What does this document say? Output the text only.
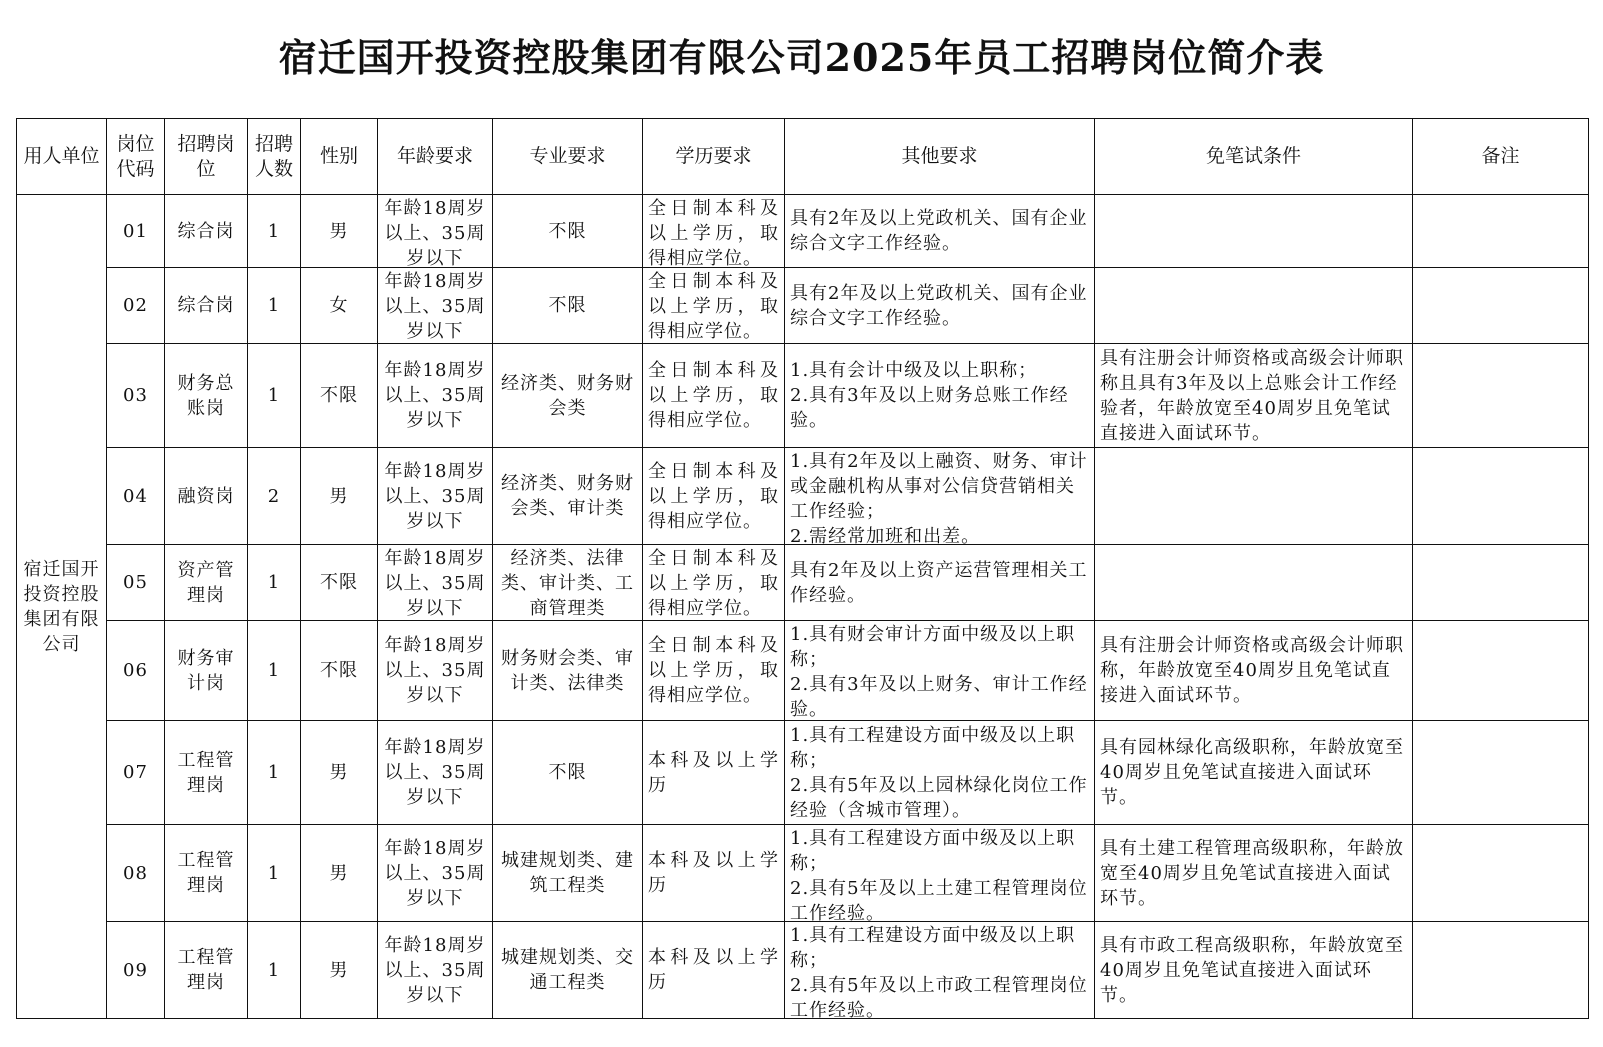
宿迁国开投资控股集团有限公司2025年员工招聘岗位简介表
用人单位	岗位代码	招聘岗位	招聘人数	性别	年龄要求	专业要求	学历要求	其他要求	免笔试条件	备注
宿迁国开投资控股集团有限公司	01	综合岗	1	男	年龄18周岁以上、35周岁以下	不限	全日制本科及以上学历，取得相应学位。	具有2年及以上党政机关、国有企业综合文字工作经验。		

	02	综合岗	1	女	年龄18周岁以上、35周岁以下	不限	全日制本科及以上学历，取得相应学位。	具有2年及以上党政机关、国有企业综合文字工作经验。		

	03	财务总账岗	1	不限	年龄18周岁以上、35周岁以下	经济类、财务财会类	全日制本科及以上学历，取得相应学位。	1.具有会计中级及以上职称；
2.具有3年及以上财务总账工作经验。	具有注册会计师资格或高级会计师职称且具有3年及以上总账会计工作经验者，年龄放宽至40周岁且免笔试直接进入面试环节。	

	04	融资岗	2	男	年龄18周岁以上、35周岁以下	经济类、财务财会类、审计类	全日制本科及以上学历，取得相应学位。	1.具有2年及以上融资、财务、审计或金融机构从事对公信贷营销相关工作经验；
2.需经常加班和出差。		

	05	资产管理岗	1	不限	年龄18周岁以上、35周岁以下	经济类、法律类、审计类、工商管理类	全日制本科及以上学历，取得相应学位。	具有2年及以上资产运营管理相关工作经验。		

	06	财务审计岗	1	不限	年龄18周岁以上、35周岁以下	财务财会类、审计类、法律类	全日制本科及以上学历，取得相应学位。	1.具有财会审计方面中级及以上职称；
2.具有3年及以上财务、审计工作经验。	具有注册会计师资格或高级会计师职称，年龄放宽至40周岁且免笔试直接进入面试环节。	

	07	工程管理岗	1	男	年龄18周岁以上、35周岁以下	不限	本科及以上学历	1.具有工程建设方面中级及以上职称；
2.具有5年及以上园林绿化岗位工作经验（含城市管理）。	具有园林绿化高级职称，年龄放宽至40周岁且免笔试直接进入面试环节。	

	08	工程管理岗	1	男	年龄18周岁以上、35周岁以下	城建规划类、建筑工程类	本科及以上学历	1.具有工程建设方面中级及以上职称；
2.具有5年及以上土建工程管理岗位工作经验。	具有土建工程管理高级职称，年龄放宽至40周岁且免笔试直接进入面试环节。	

	09	工程管理岗	1	男	年龄18周岁以上、35周岁以下	城建规划类、交通工程类	本科及以上学历	1.具有工程建设方面中级及以上职称；
2.具有5年及以上市政工程管理岗位工作经验。	具有市政工程高级职称，年龄放宽至40周岁且免笔试直接进入面试环节。	
